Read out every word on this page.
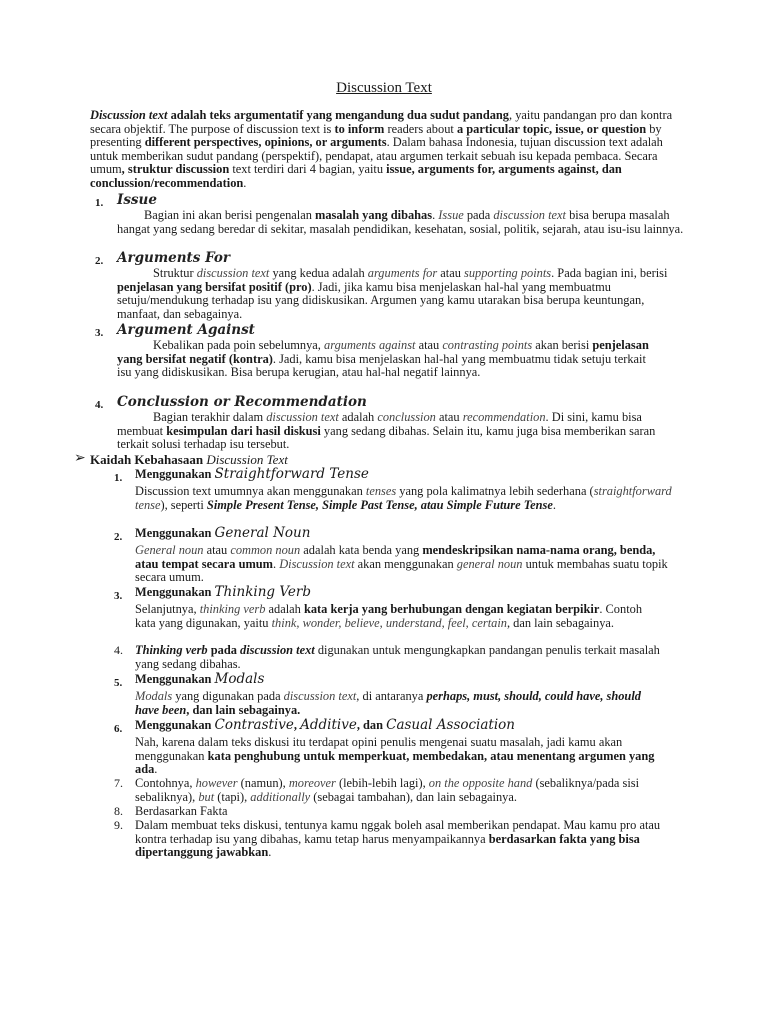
Discussion Text
Discussion text adalah teks argumentatif yang mengandung dua sudut pandang, yaitu pandangan pro dan kontra secara objektif. The purpose of discussion text is to inform readers about a particular topic, issue, or question by presenting different perspectives, opinions, or arguments. Dalam bahasa Indonesia, tujuan discussion text adalah untuk memberikan sudut pandang (perspektif), pendapat, atau argumen terkait sebuah isu kepada pembaca. Secara umum, struktur discussion text terdiri dari 4 bagian, yaitu issue, arguments for, arguments against, dan conclussion/recommendation.
1. Issue
Bagian ini akan berisi pengenalan masalah yang dibahas. Issue pada discussion text bisa berupa masalah hangat yang sedang beredar di sekitar, masalah pendidikan, kesehatan, sosial, politik, sejarah, atau isu-isu lainnya.
2. Arguments For
Struktur discussion text yang kedua adalah arguments for atau supporting points. Pada bagian ini, berisi penjelasan yang bersifat positif (pro). Jadi, jika kamu bisa menjelaskan hal-hal yang membuatmu setuju/mendukung terhadap isu yang didiskusikan. Argumen yang kamu utarakan bisa berupa keuntungan, manfaat, dan sebagainya.
3. Argument Against
Kebalikan pada poin sebelumnya, arguments against atau contrasting points akan berisi penjelasan yang bersifat negatif (kontra). Jadi, kamu bisa menjelaskan hal-hal yang membuatmu tidak setuju terkait isu yang didiskusikan. Bisa berupa kerugian, atau hal-hal negatif lainnya.
4. Conclussion or Recommendation
Bagian terakhir dalam discussion text adalah conclussion atau recommendation. Di sini, kamu bisa membuat kesimpulan dari hasil diskusi yang sedang dibahas. Selain itu, kamu juga bisa memberikan saran terkait solusi terhadap isu tersebut.
➢ Kaidah Kebahasaan Discussion Text
1. Menggunakan Straightforward Tense
Discussion text umumnya akan menggunakan tenses yang pola kalimatnya lebih sederhana (straightforward tense), seperti Simple Present Tense, Simple Past Tense, atau Simple Future Tense.
2. Menggunakan General Noun
General noun atau common noun adalah kata benda yang mendeskripsikan nama-nama orang, benda, atau tempat secara umum. Discussion text akan menggunakan general noun untuk membahas suatu topik secara umum.
3. Menggunakan Thinking Verb
Selanjutnya, thinking verb adalah kata kerja yang berhubungan dengan kegiatan berpikir. Contoh kata yang digunakan, yaitu think, wonder, believe, understand, feel, certain, dan lain sebagainya.
4. Thinking verb pada discussion text digunakan untuk mengungkapkan pandangan penulis terkait masalah yang sedang dibahas.
5. Menggunakan Modals
Modals yang digunakan pada discussion text, di antaranya perhaps, must, should, could have, should have been, dan lain sebagainya.
6. Menggunakan Contrastive, Additive, dan Casual Association
Nah, karena dalam teks diskusi itu terdapat opini penulis mengenai suatu masalah, jadi kamu akan menggunakan kata penghubung untuk memperkuat, membedakan, atau menentang argumen yang ada.
7. Contohnya, however (namun), moreover (lebih-lebih lagi), on the opposite hand (sebaliknya/pada sisi sebaliknya), but (tapi), additionally (sebagai tambahan), dan lain sebagainya.
8. Berdasarkan Fakta
9. Dalam membuat teks diskusi, tentunya kamu nggak boleh asal memberikan pendapat. Mau kamu pro atau kontra terhadap isu yang dibahas, kamu tetap harus menyampaikannya berdasarkan fakta yang bisa dipertanggung jawabkan.
